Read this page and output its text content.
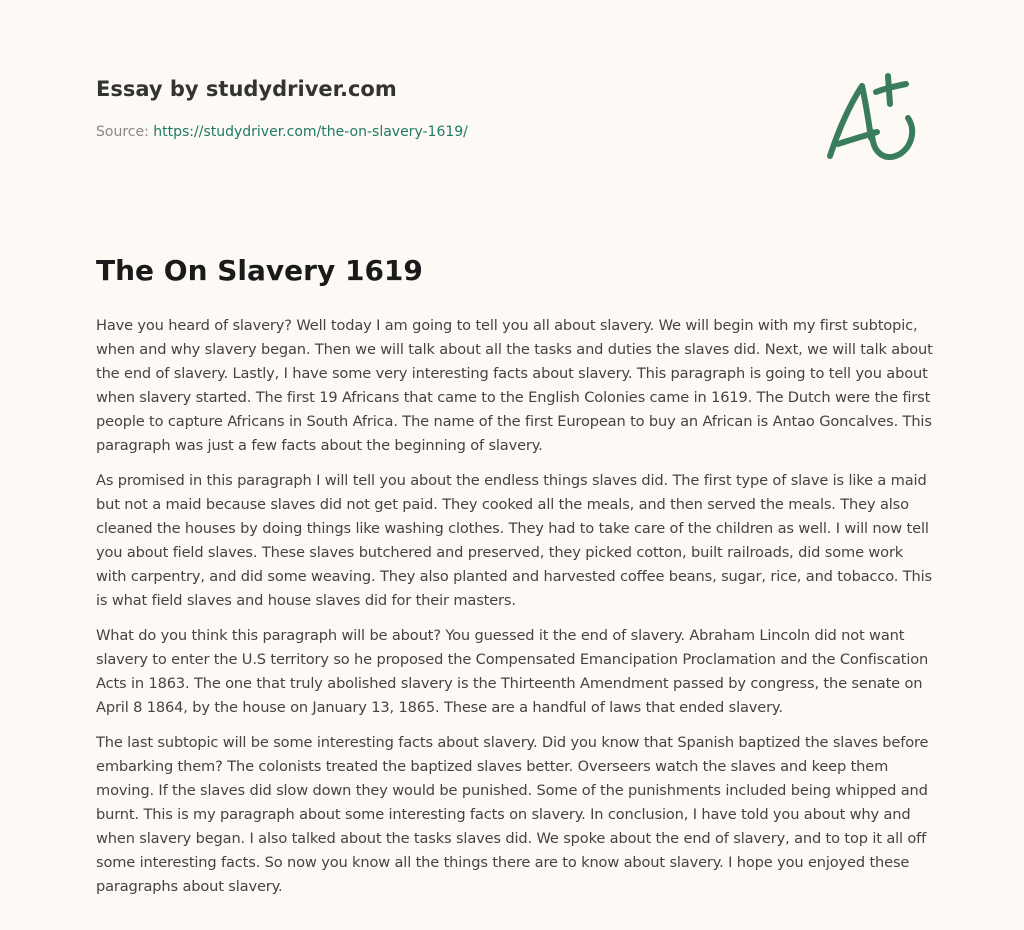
Essay by studydriver.com
Source: https://studydriver.com/the-on-slavery-1619/
The On Slavery 1619

Have you heard of slavery? Well today I am going to tell you all about slavery. We will begin with my first subtopic, when and why slavery began. Then we will talk about all the tasks and duties the slaves did. Next, we will talk about the end of slavery. Lastly, I have some very interesting facts about slavery. This paragraph is going to tell you about when slavery started. The first 19 Africans that came to the English Colonies came in 1619. The Dutch were the first people to capture Africans in South Africa. The name of the first European to buy an African is Antao Goncalves. This paragraph was just a few facts about the beginning of slavery.

As promised in this paragraph I will tell you about the endless things slaves did. The first type of slave is like a maid but not a maid because slaves did not get paid. They cooked all the meals, and then served the meals. They also cleaned the houses by doing things like washing clothes. They had to take care of the children as well. I will now tell you about field slaves. These slaves butchered and preserved, they picked cotton, built railroads, did some work with carpentry, and did some weaving. They also planted and harvested coffee beans, sugar, rice, and tobacco. This is what field slaves and house slaves did for their masters.

What do you think this paragraph will be about? You guessed it the end of slavery. Abraham Lincoln did not want slavery to enter the U.S territory so he proposed the Compensated Emancipation Proclamation and the Confiscation Acts in 1863. The one that truly abolished slavery is the Thirteenth Amendment passed by congress, the senate on April 8 1864, by the house on January 13, 1865. These are a handful of laws that ended slavery.

The last subtopic will be some interesting facts about slavery. Did you know that Spanish baptized the slaves before embarking them? The colonists treated the baptized slaves better. Overseers watch the slaves and keep them moving. If the slaves did slow down they would be punished. Some of the punishments included being whipped and burnt. This is my paragraph about some interesting facts on slavery. In conclusion, I have told you about why and when slavery began. I also talked about the tasks slaves did. We spoke about the end of slavery, and to top it all off some interesting facts. So now you know all the things there are to know about slavery. I hope you enjoyed these paragraphs about slavery.
